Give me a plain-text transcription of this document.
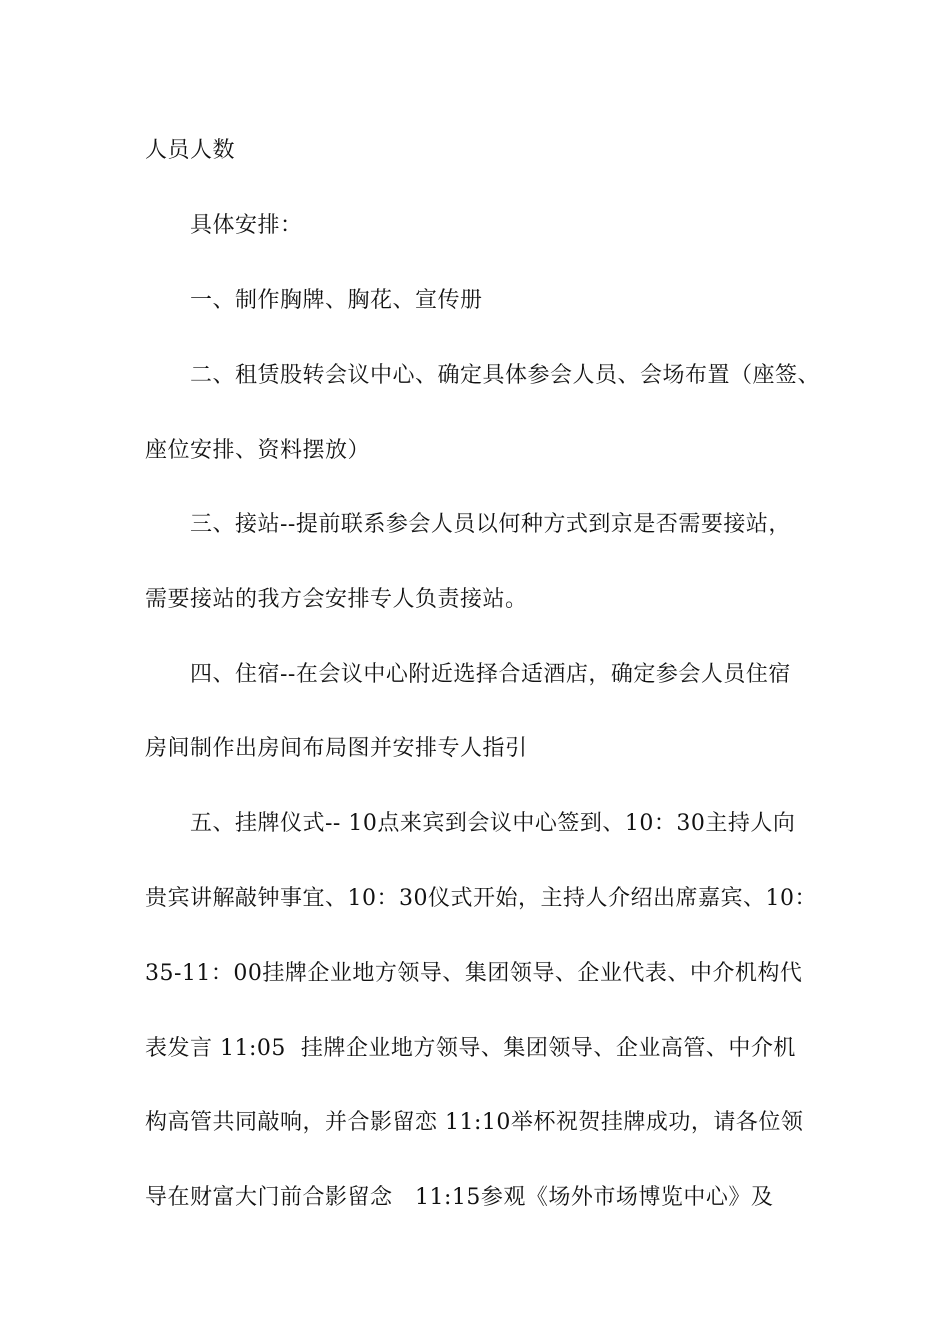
人员人数
具体安排：
一、制作胸牌、胸花、宣传册
二、租赁股转会议中心、确定具体参会人员、会场布置（座签、
座位安排、资料摆放）
三、接站--提前联系参会人员以何种方式到京是否需要接站，
需要接站的我方会安排专人负责接站。
四、住宿--在会议中心附近选择合适酒店，确定参会人员住宿
房间制作出房间布局图并安排专人指引
五、挂牌仪式-- 10点来宾到会议中心签到、10：30主持人向
贵宾讲解敲钟事宜、10：30仪式开始，主持人介绍出席嘉宾、10：
35-11：00挂牌企业地方领导、集团领导、企业代表、中介机构代
表发言 11:05  挂牌企业地方领导、集团领导、企业高管、中介机
构高管共同敲响，并合影留恋 11:10举杯祝贺挂牌成功，请各位领
导在财富大门前合影留念   11:15参观《场外市场博览中心》及
